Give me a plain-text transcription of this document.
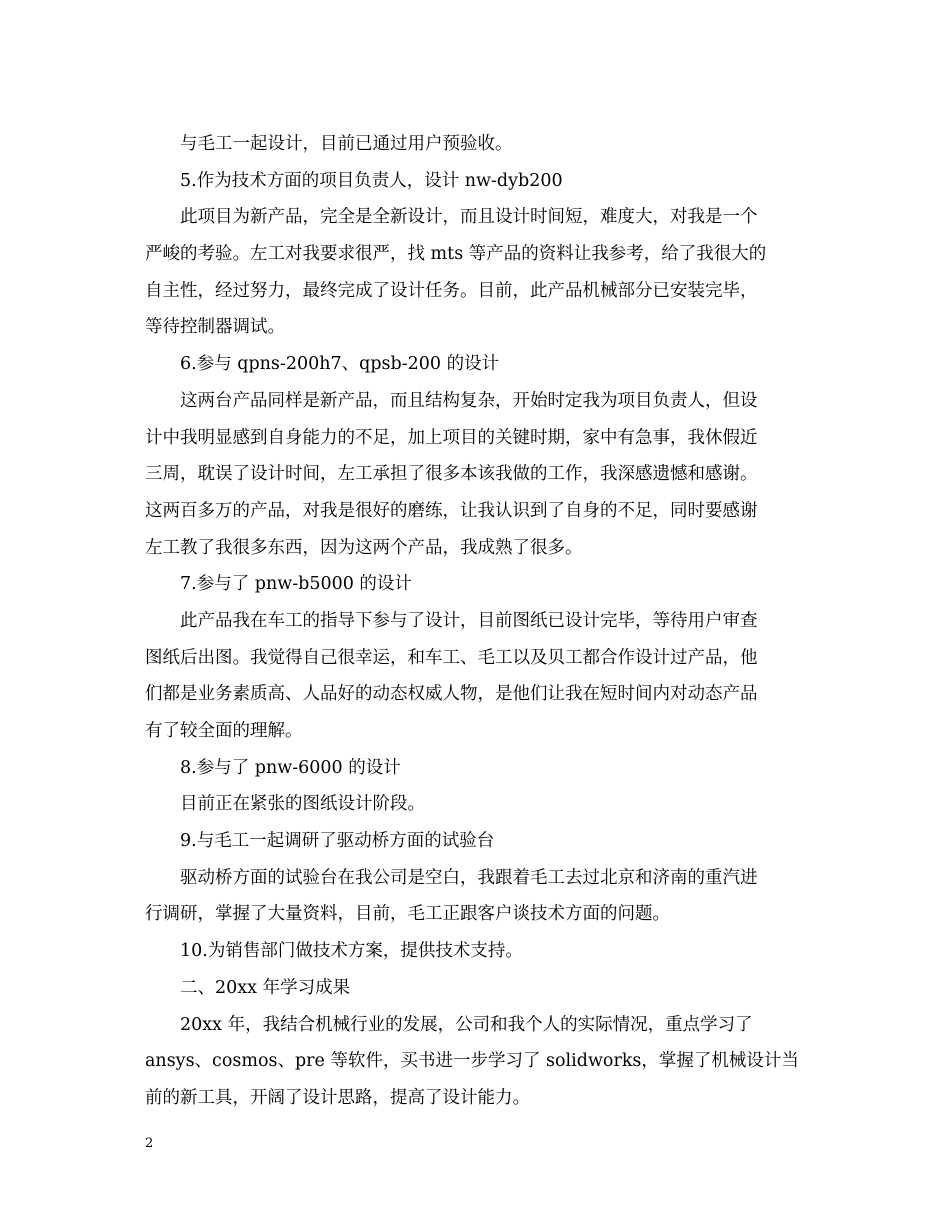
与毛工一起设计，目前已通过用户预验收。
5.作为技术方面的项目负责人，设计 nw-dyb200
此项目为新产品，完全是全新设计，而且设计时间短，难度大，对我是一个
严峻的考验。左工对我要求很严，找 mts 等产品的资料让我参考，给了我很大的
自主性，经过努力，最终完成了设计任务。目前，此产品机械部分已安装完毕，
等待控制器调试。
6.参与 qpns-200h7、qpsb-200 的设计
这两台产品同样是新产品，而且结构复杂，开始时定我为项目负责人，但设
计中我明显感到自身能力的不足，加上项目的关键时期，家中有急事，我休假近
三周，耽误了设计时间，左工承担了很多本该我做的工作，我深感遗憾和感谢。
这两百多万的产品，对我是很好的磨练，让我认识到了自身的不足，同时要感谢
左工教了我很多东西，因为这两个产品，我成熟了很多。
7.参与了 pnw-b5000 的设计
此产品我在车工的指导下参与了设计，目前图纸已设计完毕，等待用户审查
图纸后出图。我觉得自己很幸运，和车工、毛工以及贝工都合作设计过产品，他
们都是业务素质高、人品好的动态权威人物，是他们让我在短时间内对动态产品
有了较全面的理解。
8.参与了 pnw-6000 的设计
目前正在紧张的图纸设计阶段。
9.与毛工一起调研了驱动桥方面的试验台
驱动桥方面的试验台在我公司是空白，我跟着毛工去过北京和济南的重汽进
行调研，掌握了大量资料，目前，毛工正跟客户谈技术方面的问题。
10.为销售部门做技术方案，提供技术支持。
二、20xx 年学习成果
20xx 年，我结合机械行业的发展，公司和我个人的实际情况，重点学习了
ansys、cosmos、pre 等软件，买书进一步学习了 solidworks，掌握了机械设计当
前的新工具，开阔了设计思路，提高了设计能力。
2
